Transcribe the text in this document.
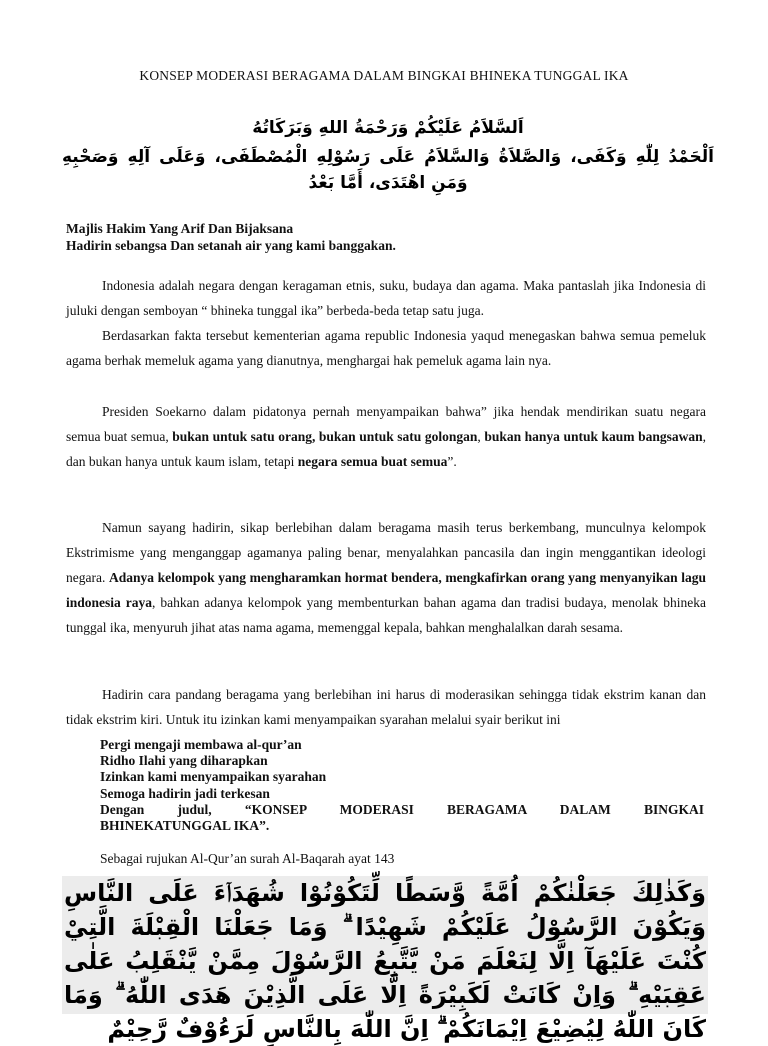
KONSEP MODERASI BERAGAMA DALAM BINGKAI BHINEKA TUNGGAL IKA
اَلسَّلاَمُ عَلَيْكُمْ وَرَحْمَةُ اللهِ وَبَرَكَاتُهُ
اَلْحَمْدُ لِلّٰهِ وَكَفَى، وَالصَّلاَةُ وَالسَّلاَمُ عَلَى رَسُوْلِهِ الْمُصْطَفَى، وَعَلَى آلِهِ وَصَحْبِهِ وَمَنِ اهْتَدَى، أَمَّا بَعْدُ
Majlis Hakim Yang Arif Dan Bijaksana
Hadirin sebangsa Dan setanah air yang kami banggakan.

Indonesia adalah negara dengan keragaman etnis, suku, budaya dan agama. Maka pantaslah jika Indonesia di juluki dengan semboyan “ bhineka tunggal ika” berbeda-beda tetap satu juga.

Berdasarkan fakta tersebut kementerian agama republic Indonesia yaqud menegaskan bahwa semua pemeluk agama berhak memeluk agama yang dianutnya, menghargai hak pemeluk agama lain nya.

Presiden Soekarno dalam pidatonya pernah menyampaikan bahwa” jika hendak mendirikan suatu negara semua buat semua, bukan untuk satu orang, bukan untuk satu golongan, bukan hanya untuk kaum bangsawan, dan bukan hanya untuk kaum islam, tetapi negara semua buat semua”.

Namun sayang hadirin, sikap berlebihan dalam beragama masih terus berkembang, munculnya kelompok Ekstrimisme yang menganggap agamanya paling benar, menyalahkan pancasila dan ingin menggantikan ideologi negara. Adanya kelompok yang mengharamkan hormat bendera, mengkafirkan orang yang menyanyikan lagu indonesia raya, bahkan adanya kelompok yang membenturkan bahan agama dan tradisi budaya, menolak bhineka tunggal ika, menyuruh jihat atas nama agama, memenggal kepala, bahkan menghalalkan darah sesama.

Hadirin cara pandang beragama yang berlebihan ini harus di moderasikan sehingga tidak ekstrim kanan dan tidak ekstrim kiri. Untuk itu izinkan kami menyampaikan syarahan melalui syair berikut ini

Pergi mengaji membawa al-qur’an
Ridho Ilahi yang diharapkan
Izinkan kami menyampaikan syarahan
Semoga hadirin jadi terkesan
Dengan judul, “KONSEP MODERASI BERAGAMA DALAM BINGKAI
BHINEKATUNGGAL IKA”.
Sebagai rujukan Al-Qur’an surah Al-Baqarah ayat 143
وَكَذٰلِكَ جَعَلْنٰكُمْ اُمَّةً وَّسَطًا لِّتَكُوْنُوْا شُهَدَاۤءَ عَلَى النَّاسِ وَيَكُوْنَ الرَّسُوْلُ عَلَيْكُمْ شَهِيْدًا ۗ وَمَا جَعَلْنَا الْقِبْلَةَ الَّتِيْ كُنْتَ عَلَيْهَآ اِلَّا لِنَعْلَمَ مَنْ يَّتَّبِعُ الرَّسُوْلَ مِمَّنْ يَّنْقَلِبُ عَلٰى عَقِبَيْهِ ۗ وَاِنْ كَانَتْ لَكَبِيْرَةً اِلَّا عَلَى الَّذِيْنَ هَدَى اللّٰهُ ۗ وَمَا كَانَ اللّٰهُ لِيُضِيْعَ اِيْمَانَكُمْ ۗ اِنَّ اللّٰهَ بِالنَّاسِ لَرَءُوْفٌ رَّحِيْمٌ
